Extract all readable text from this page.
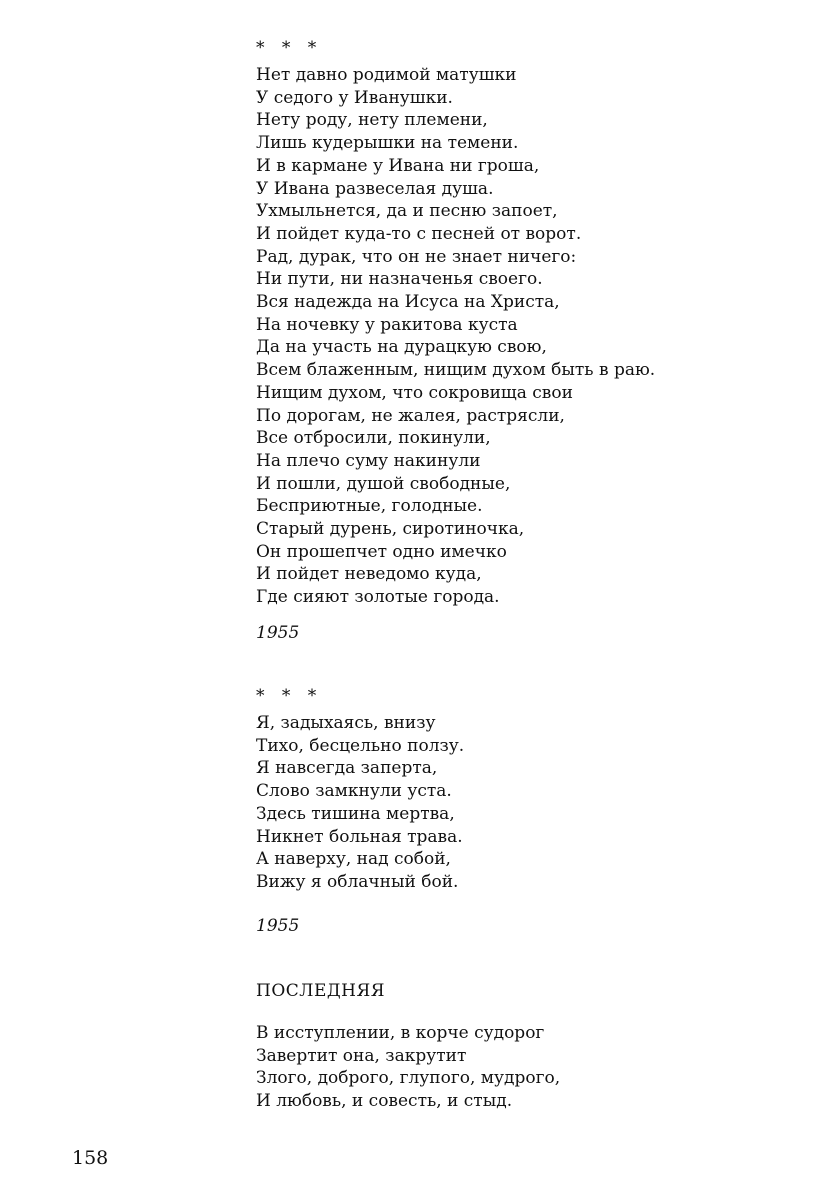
* * *
Нет давно родимой матушки
У седого у Иванушки.
Нету роду, нету племени,
Лишь кудерышки на темени.
И в кармане у Ивана ни гроша,
У Ивана развеселая душа.
Ухмыльнется, да и песню запоет,
И пойдет куда-то с песней от ворот.
Рад, дурак, что он не знает ничего:
Ни пути, ни назначенья своего.
Вся надежда на Исуса на Христа,
На ночевку у ракитова куста
Да на участь на дурацкую свою,
Всем блаженным, нищим духом быть в раю.
Нищим духом, что сокровища свои
По дорогам, не жалея, растрясли,
Все отбросили, покинули,
На плечо суму накинули
И пошли, душой свободные,
Бесприютные, голодные.
Старый дурень, сиротиночка,
Он прошепчет одно имечко
И пойдет неведомо куда,
Где сияют золотые города.
1955
* * *
Я, задыхаясь, внизу
Тихо, бесцельно ползу.
Я навсегда заперта,
Слово замкнули уста.
Здесь тишина мертва,
Никнет больная трава.
А наверху, над собой,
Вижу я облачный бой.
1955
ПОСЛЕДНЯЯ
В исступлении, в корче судорог
Завертит она, закрутит
Злого, доброго, глупого, мудрого,
И любовь, и совесть, и стыд.
158
